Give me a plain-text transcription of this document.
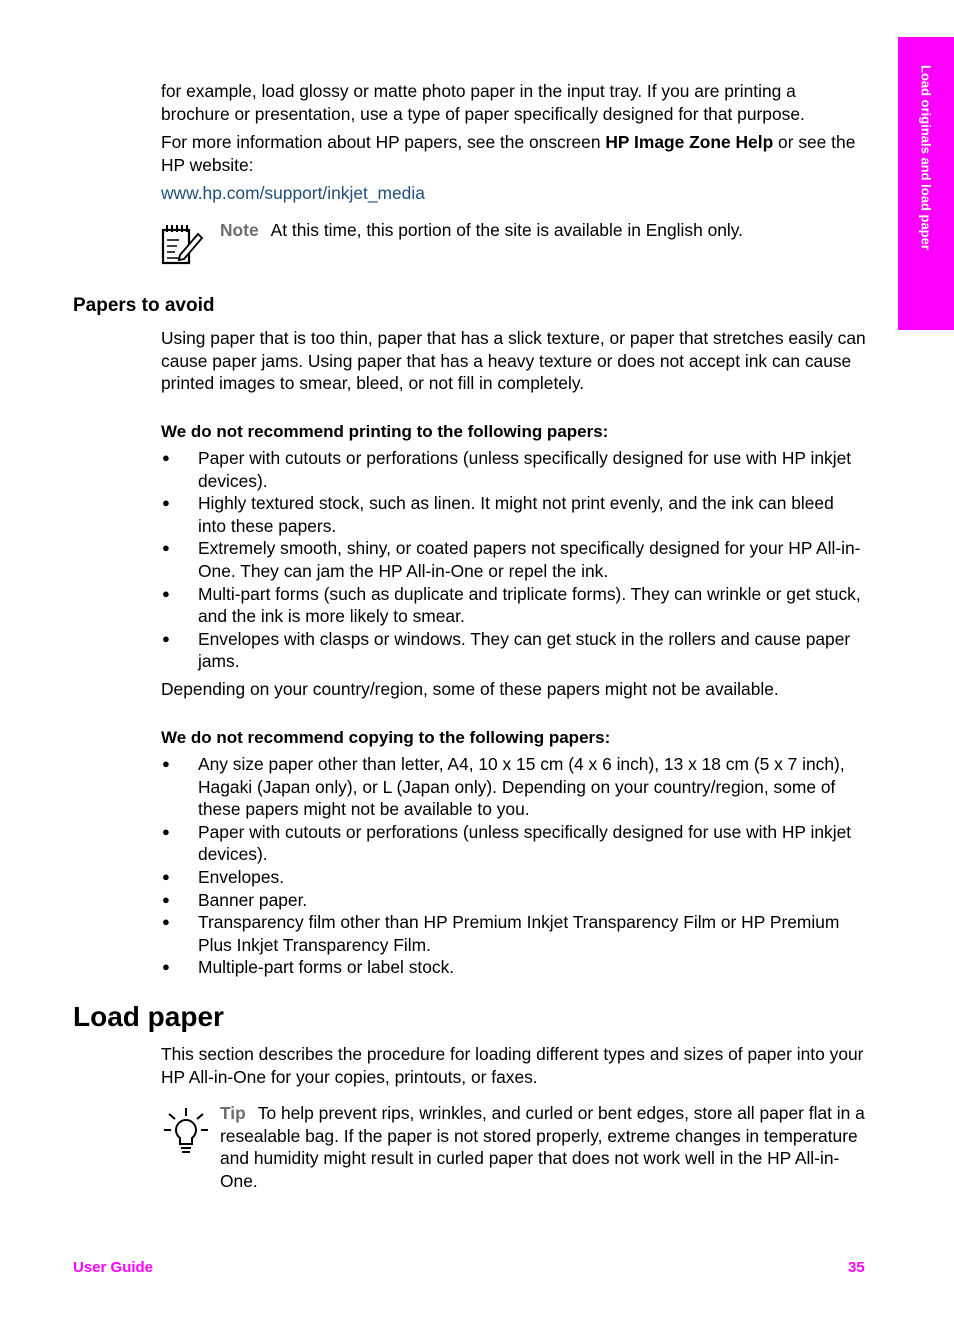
Load originals and load paper

for example, load glossy or matte photo paper in the input tray. If you are printing a brochure or presentation, use a type of paper specifically designed for that purpose.

For more information about HP papers, see the onscreen HP Image Zone Help or see the HP website:

www.hp.com/support/inkjet_media

Note At this time, this portion of the site is available in English only.

Papers to avoid

Using paper that is too thin, paper that has a slick texture, or paper that stretches easily can cause paper jams. Using paper that has a heavy texture or does not accept ink can cause printed images to smear, bleed, or not fill in completely.

We do not recommend printing to the following papers:
● Paper with cutouts or perforations (unless specifically designed for use with HP inkjet devices).
● Highly textured stock, such as linen. It might not print evenly, and the ink can bleed into these papers.
● Extremely smooth, shiny, or coated papers not specifically designed for your HP All-in-One. They can jam the HP All-in-One or repel the ink.
● Multi-part forms (such as duplicate and triplicate forms). They can wrinkle or get stuck, and the ink is more likely to smear.
● Envelopes with clasps or windows. They can get stuck in the rollers and cause paper jams.

Depending on your country/region, some of these papers might not be available.

We do not recommend copying to the following papers:
● Any size paper other than letter, A4, 10 x 15 cm (4 x 6 inch), 13 x 18 cm (5 x 7 inch), Hagaki (Japan only), or L (Japan only). Depending on your country/region, some of these papers might not be available to you.
● Paper with cutouts or perforations (unless specifically designed for use with HP inkjet devices).
● Envelopes.
● Banner paper.
● Transparency film other than HP Premium Inkjet Transparency Film or HP Premium Plus Inkjet Transparency Film.
● Multiple-part forms or label stock.
Load paper

This section describes the procedure for loading different types and sizes of paper into your HP All-in-One for your copies, printouts, or faxes.

Tip To help prevent rips, wrinkles, and curled or bent edges, store all paper flat in a resealable bag. If the paper is not stored properly, extreme changes in temperature and humidity might result in curled paper that does not work well in the HP All-in-One.

User Guide	35
